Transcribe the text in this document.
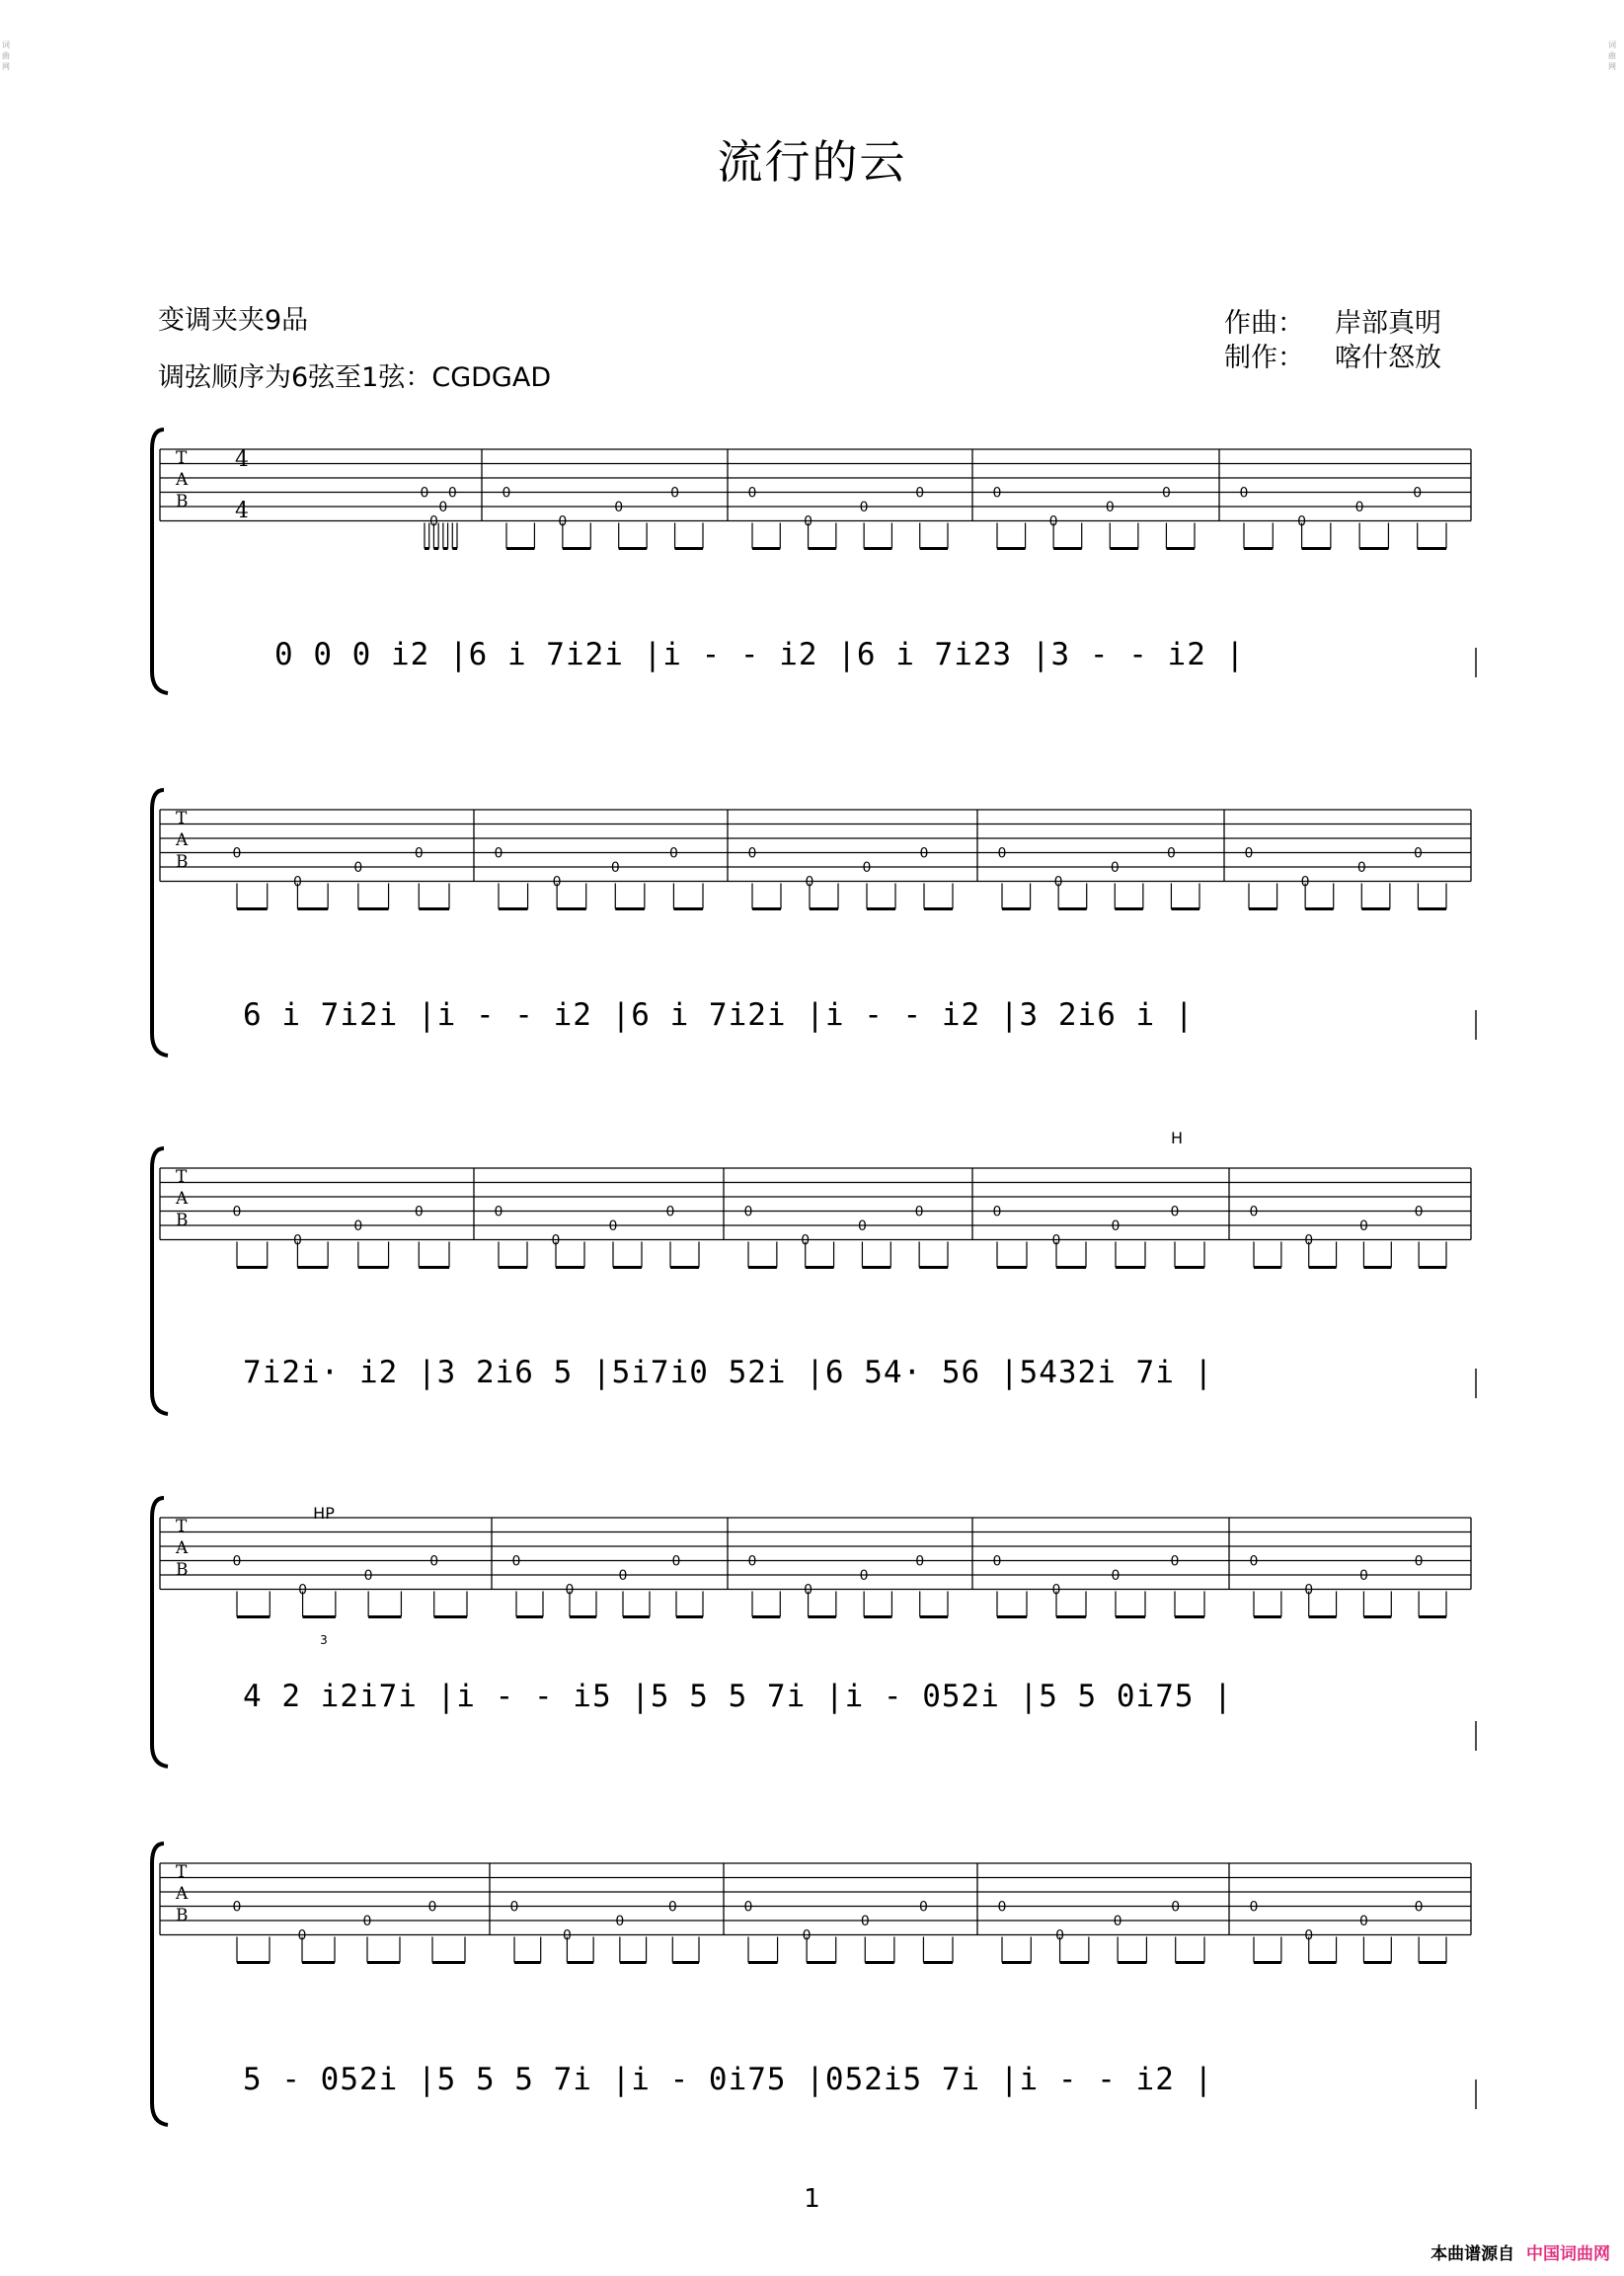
词曲网
词曲网
流行的云
变调夹夹9品
调弦顺序为6弦至1弦：CGDGAD
作曲： 岸部真明
制作： 喀什怒放
T
A
B	0
0
0
0	0
0
0
0	0
0
0
0	0
0
0
0	0
0
0
0
T
A
B	0
0
0
0	0
0
0
0	0
0
0
0	0
0
0
0	0
0
0
0
T
A
B	0
0
0
0	0
0
0
0	0
0
0
0	0
0
0
0	0
0
0
0
T
A
B	0
0
0
0	0
0
0
0	0
0
0
0	0
0
0
0	0
0
0
0
T
A
B	0
0
0
0	0
0
0
0	0
0
0
0	0
0
0
0	0
0
0
0
4
4
H
HP
3
0 0 0 i2 |6 i 7i2i |i - - i2 |6 i 7i23 |3 - - i2 |
6 i 7i2i |i - - i2 |6 i 7i2i |i - - i2 |3 2i6 i |
7i2i· i2 |3 2i6 5 |5i7i0 52i |6 54· 56 |5432i 7i |
4 2 i2i7i |i - - i5 |5 5 5 7i |i - 052i |5 5 0i75 |
5 - 052i |5 5 5 7i |i - 0i75 |052i5 7i |i - - i2 |
1
本曲谱源自 中国词曲网
